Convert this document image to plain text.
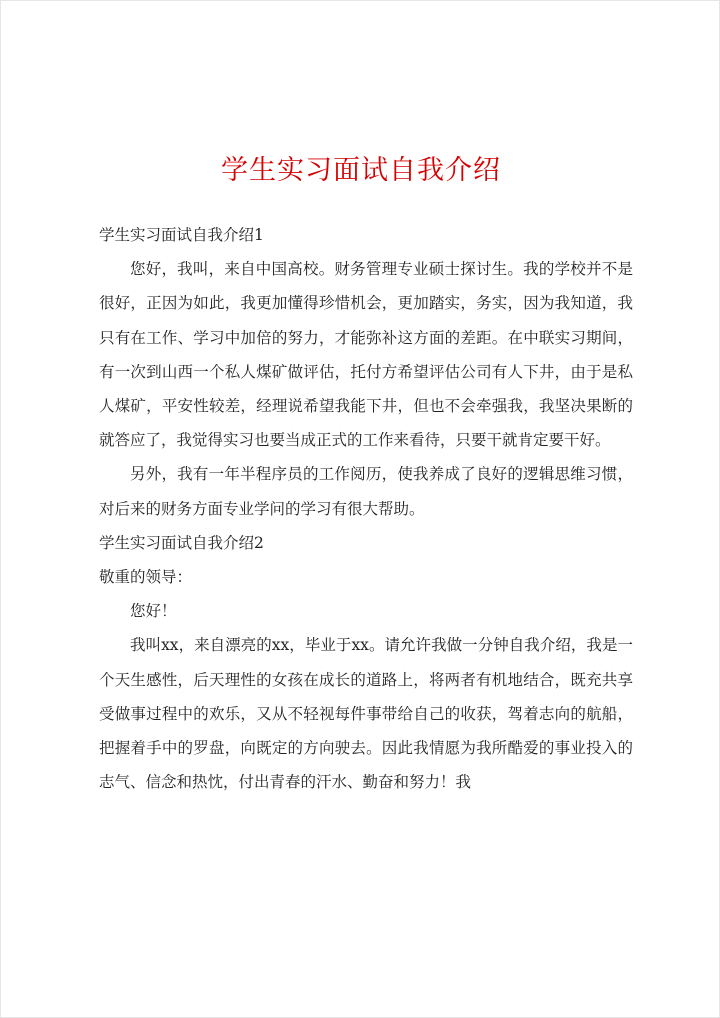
学生实习面试自我介绍

学生实习面试自我介绍1

您好，我叫，来自中国高校。财务管理专业硕士探讨生。我的学校并不是很好，正因为如此，我更加懂得珍惜机会，更加踏实，务实，因为我知道，我只有在工作、学习中加倍的努力，才能弥补这方面的差距。在中联实习期间，有一次到山西一个私人煤矿做评估，托付方希望评估公司有人下井，由于是私人煤矿，平安性较差，经理说希望我能下井，但也不会牵强我，我坚决果断的就答应了，我觉得实习也要当成正式的工作来看待，只要干就肯定要干好。

另外，我有一年半程序员的工作阅历，使我养成了良好的逻辑思维习惯，对后来的财务方面专业学问的学习有很大帮助。

学生实习面试自我介绍2

敬重的领导：

您好！

我叫xx，来自漂亮的xx，毕业于xx。请允许我做一分钟自我介绍，我是一个天生感性，后天理性的女孩在成长的道路上，将两者有机地结合，既充共享受做事过程中的欢乐，又从不轻视每件事带给自己的收获，驾着志向的航船，把握着手中的罗盘，向既定的方向驶去。因此我情愿为我所酷爱的事业投入的志气、信念和热忱，付出青春的汗水、勤奋和努力！我
